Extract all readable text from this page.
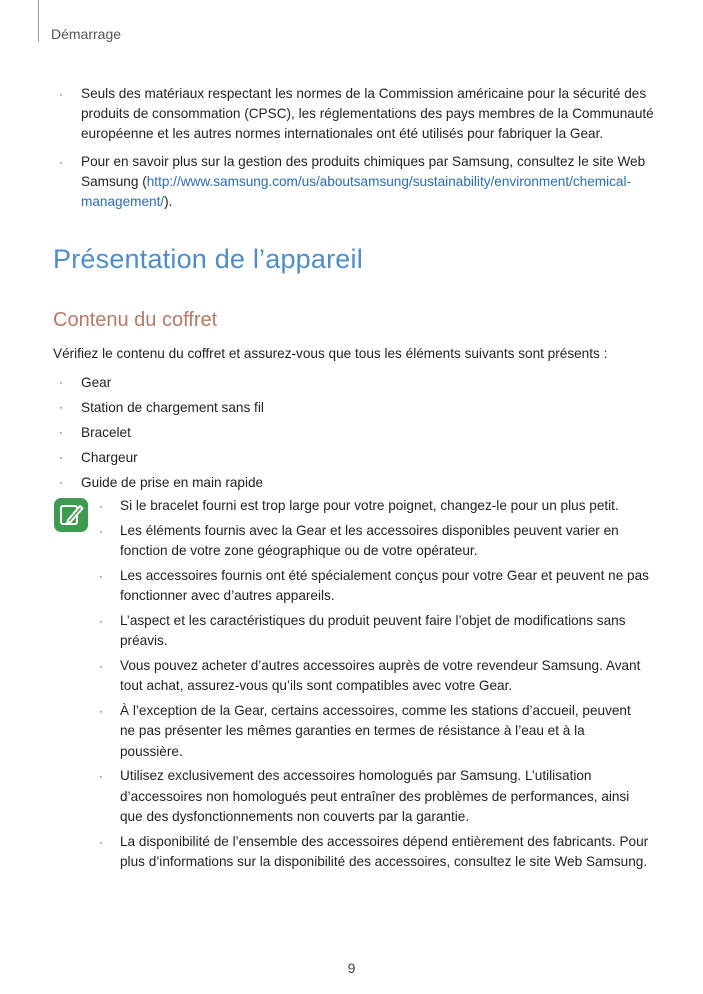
Démarrage
· Seuls des matériaux respectant les normes de la Commission américaine pour la sécurité des produits de consommation (CPSC), les réglementations des pays membres de la Communauté européenne et les autres normes internationales ont été utilisés pour fabriquer la Gear.
· Pour en savoir plus sur la gestion des produits chimiques par Samsung, consultez le site Web Samsung (http://www.samsung.com/us/aboutsamsung/sustainability/environment/chemical-management/).
Présentation de l’appareil
Contenu du coffret
Vérifiez le contenu du coffret et assurez-vous que tous les éléments suivants sont présents :
· Gear
· Station de chargement sans fil
· Bracelet
· Chargeur
· Guide de prise en main rapide
· Si le bracelet fourni est trop large pour votre poignet, changez-le pour un plus petit.
· Les éléments fournis avec la Gear et les accessoires disponibles peuvent varier en fonction de votre zone géographique ou de votre opérateur.
· Les accessoires fournis ont été spécialement conçus pour votre Gear et peuvent ne pas fonctionner avec d’autres appareils.
· L’aspect et les caractéristiques du produit peuvent faire l’objet de modifications sans préavis.
· Vous pouvez acheter d’autres accessoires auprès de votre revendeur Samsung. Avant tout achat, assurez-vous qu’ils sont compatibles avec votre Gear.
· À l’exception de la Gear, certains accessoires, comme les stations d’accueil, peuvent ne pas présenter les mêmes garanties en termes de résistance à l’eau et à la poussière.
· Utilisez exclusivement des accessoires homologués par Samsung. L’utilisation d’accessoires non homologués peut entraîner des problèmes de performances, ainsi que des dysfonctionnements non couverts par la garantie.
· La disponibilité de l’ensemble des accessoires dépend entièrement des fabricants. Pour plus d’informations sur la disponibilité des accessoires, consultez le site Web Samsung.
9
